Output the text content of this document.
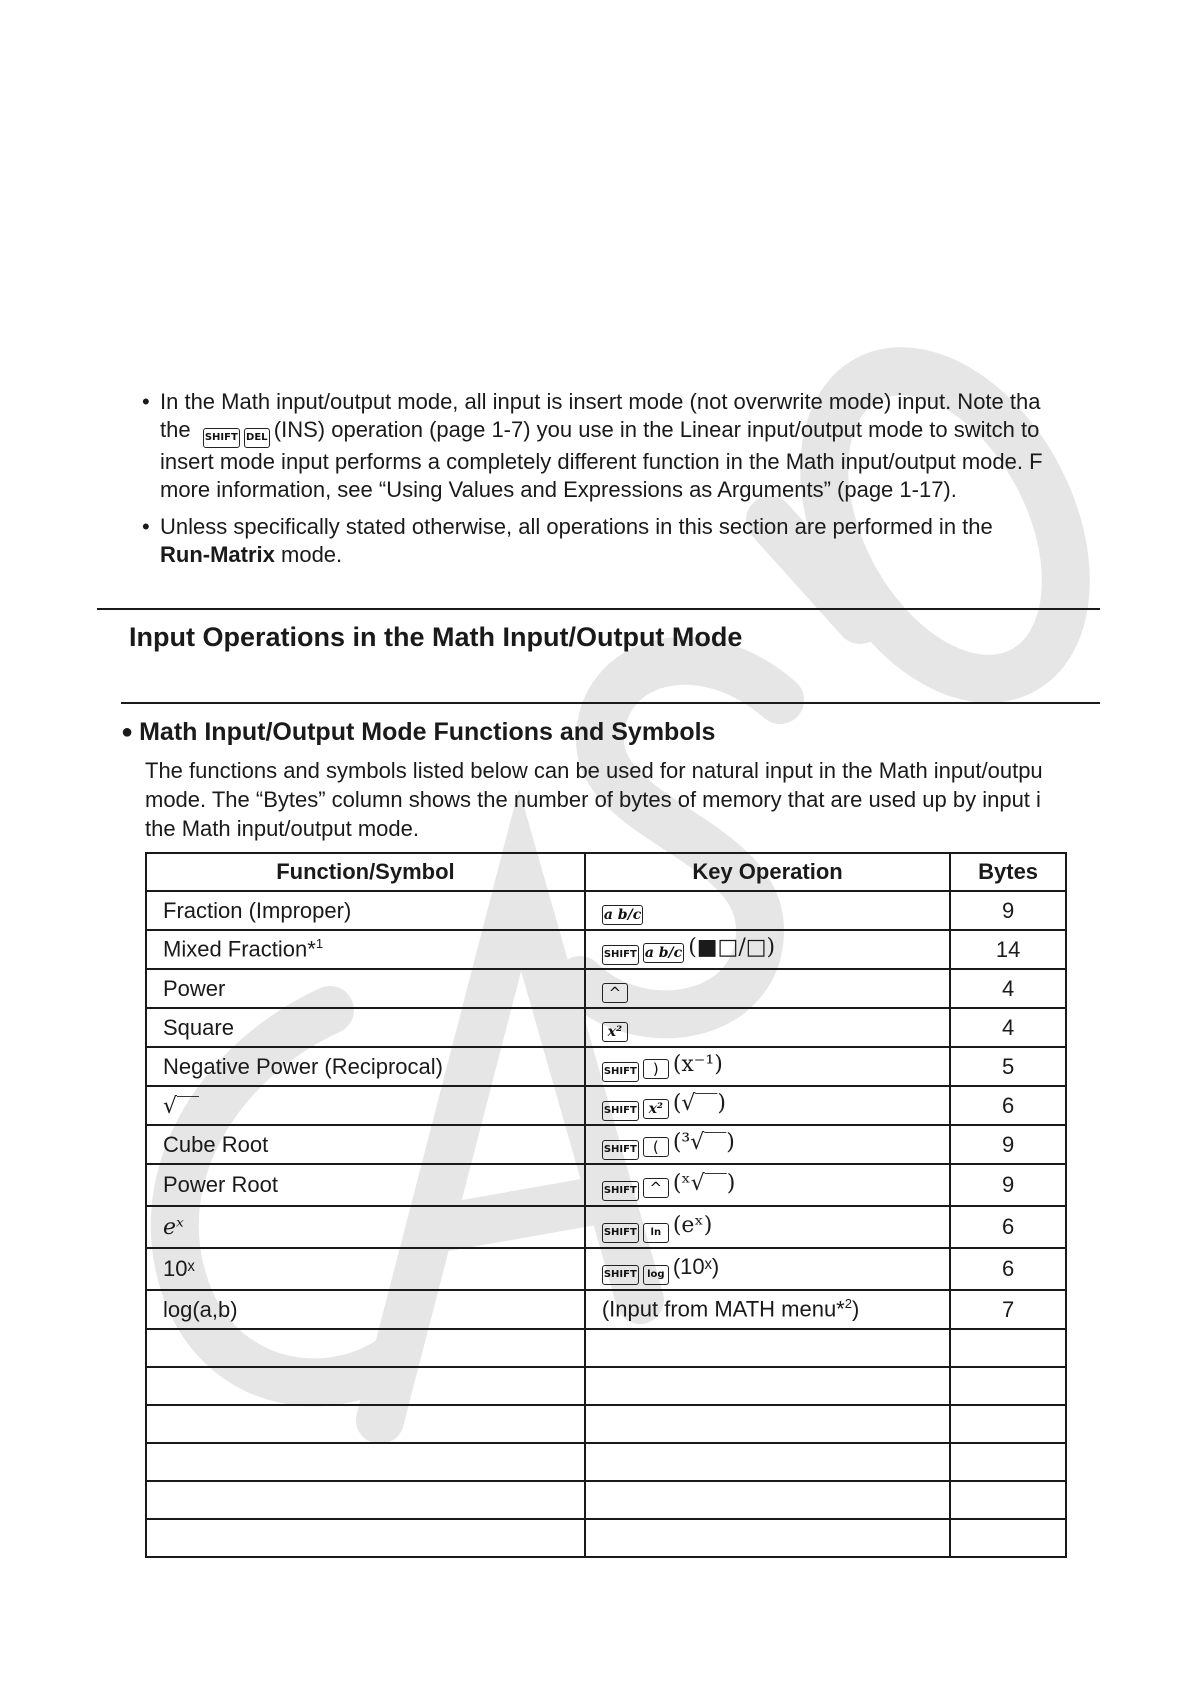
• In the Math input/output mode, all input is insert mode (not overwrite mode) input. Note tha
the SHIFT DEL (INS) operation (page 1-7) you use in the Linear input/output mode to switch to
insert mode input performs a completely different function in the Math input/output mode. F
more information, see “Using Values and Expressions as Arguments” (page 1-17).
• Unless specifically stated otherwise, all operations in this section are performed in the
Run-Matrix mode.
Input Operations in the Math Input/Output Mode
● Math Input/Output Mode Functions and Symbols
The functions and symbols listed below can be used for natural input in the Math input/outpu
mode. The “Bytes” column shows the number of bytes of memory that are used up by input i
the Math input/output mode.
Function/Symbol	Key Operation	Bytes
Fraction (Improper)	a b/c	9
Mixed Fraction*$^1$	SHIFT a b/c (■□/□)	14
Power	^	4
Square	x²	4
Negative Power (Reciprocal)	SHIFT ) (x⁻¹)	5
√‾‾	SHIFT x² (√‾‾)	6
Cube Root	SHIFT ( (³√‾‾)	9
Power Root	SHIFT ^ (ˣ√‾‾)	9
eˣ	SHIFT ln (eˣ)	6
10ˣ	SHIFT log (10ˣ)	6
log(a,b)	(Input from MATH menu*$^2$)	7
